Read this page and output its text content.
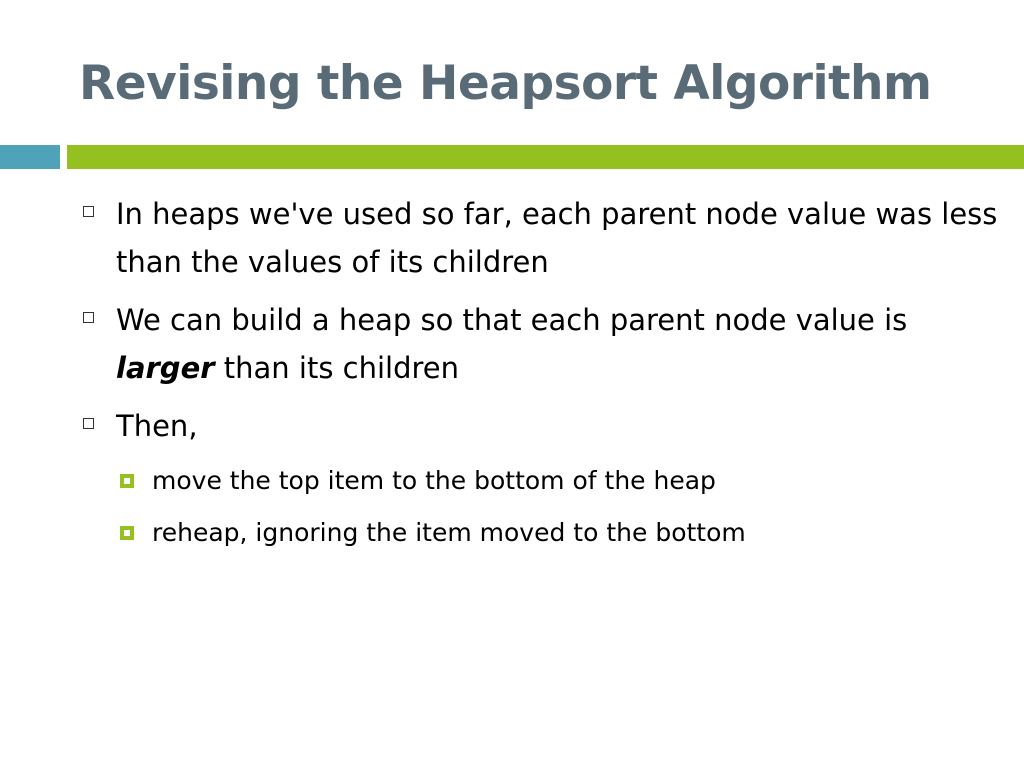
Revising the Heapsort Algorithm
In heaps we've used so far, each parent node value was less than the values of its children
We can build a heap so that each parent node value is larger than its children
Then,
move the top item to the bottom of the heap
reheap, ignoring the item moved to the bottom
